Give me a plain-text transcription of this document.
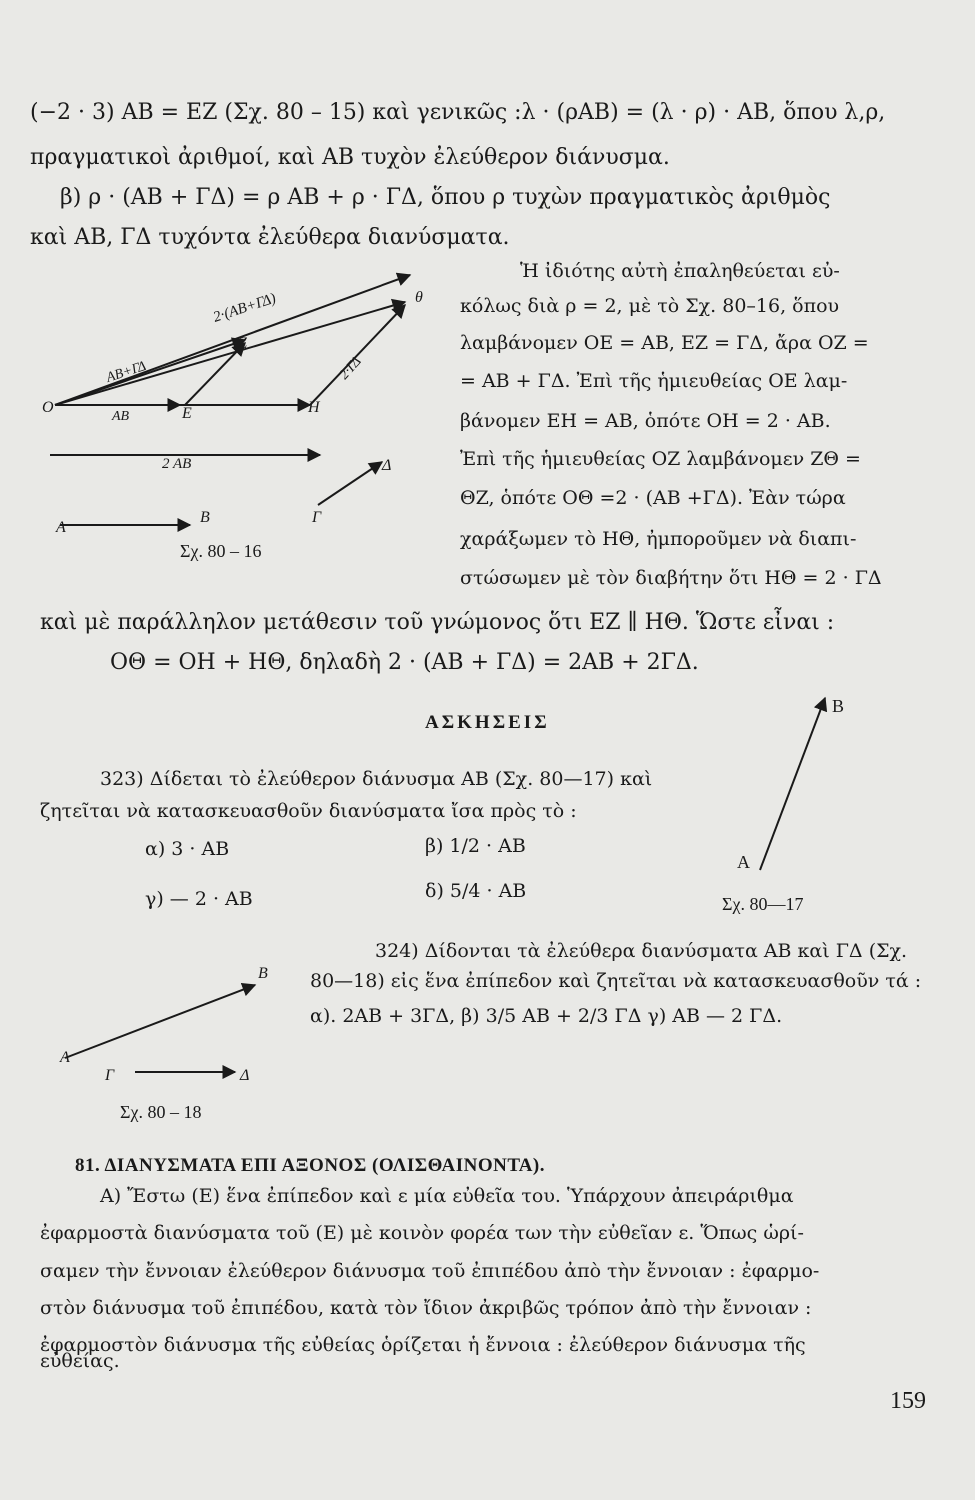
(−2 · 3) AB = EZ (Σχ. 80 – 15) καὶ γενικῶς :λ · (ρAB) = (λ · ρ) · AB, ὅπου λ,ρ,
πραγματικοὶ ἀριθμοί, καὶ AB τυχὸν ἐλεύθερον διάνυσμα.
β) ρ · (AB + ΓΔ) = ρ AB + ρ · ΓΔ, ὅπου ρ τυχὼν πραγματικὸς ἀριθμὸς
καὶ AB, ΓΔ τυχόντα ἐλεύθερα διανύσματα.
Ἡ ἰδιότης αὐτὴ ἐπαληθεύεται εὐ-
κόλως διὰ ρ = 2, μὲ τὸ Σχ. 80–16, ὅπου
λαμβάνομεν OE = AB, EZ = ΓΔ, ἄρα OZ =
= AB + ΓΔ. Ἐπὶ τῆς ἡμιευθείας OE λαμ-
βάνομεν EH = AB, ὁπότε OH = 2 · AB.
Ἐπὶ τῆς ἡμιευθείας OZ λαμβάνομεν ZΘ =
ΘZ, ὁπότε OΘ =2 · (AB +ΓΔ). Ἐὰν τώρα
χαράξωμεν τὸ HΘ, ἠμπορoῦμεν νὰ διαπι-
στώσωμεν μὲ τὸν διαβήτην ὅτι HΘ = 2 · ΓΔ
καὶ μὲ παράλληλον μετάθεσιν τοῦ γνώμονος ὅτι EZ ∥ HΘ. Ὥστε εἶναι :
OΘ = OH + HΘ, δηλαδὴ 2 · (AB + ΓΔ) = 2AB + 2ΓΔ.
ΑΣΚΗΣΕΙΣ
323) Δίδεται τὸ ἐλεύθερον διάνυσμα AB (Σχ. 80—17) καὶ
ζητεῖται νὰ κατασκευασθοῦν διανύσματα ἴσα πρὸς τὸ :
α) 3 · AB	β) 1/2 · AB
γ) — 2 · AB	δ) 5/4 · AB
324) Δίδονται τὰ ἐλεύθερα διανύσματα AB καὶ ΓΔ (Σχ.
80—18) εἰς ἕνα ἐπίπεδον καὶ ζητεῖται νὰ κατασκευασθοῦν τά :
α). 2AB + 3ΓΔ, β) 3/5 AB + 2/3 ΓΔ γ) AB — 2 ΓΔ.
81. ΔΙΑΝΥΣΜΑΤΑ ΕΠΙ ΑΞΟΝΟΣ (ΟΛΙΣΘΑΙΝΟΝΤΑ).
Α) Ἔστω (Ε) ἕνα ἐπίπεδον καὶ ε μία εὐθεῖα του. Ὑπάρχουν ἀπειράριθμα
ἐφαρμοστὰ διανύσματα τοῦ (Ε) μὲ κοινὸν φορέα των τὴν εὐθεῖαν ε. Ὅπως ὡρί-
σαμεν τὴν ἔννοιαν ἐλεύθερον διάνυσμα τοῦ ἐπιπέδου ἀπὸ τὴν ἔννοιαν : ἐφαρμο-
στὸν διάνυσμα τοῦ ἐπιπέδου, κατὰ τὸν ἴδιον ἀκριβῶς τρόπον ἀπὸ τὴν ἔννοιαν :
ἐφαρμοστὸν διάνυσμα τῆς εὐθείας ὁρίζεται ἡ ἔννοια : ἐλεύθερον διάνυσμα τῆς
εὐθείας.
159
O	E
Z
H
θ
AB
AB+ΓΔ
2·(AB+ΓΔ)
2·ΓΔ
2 AB
A
B	Γ
Δ
Σχ. 80 – 16
B
A
Σχ. 80—17
A
B
Γ	Δ
Σχ. 80 – 18
